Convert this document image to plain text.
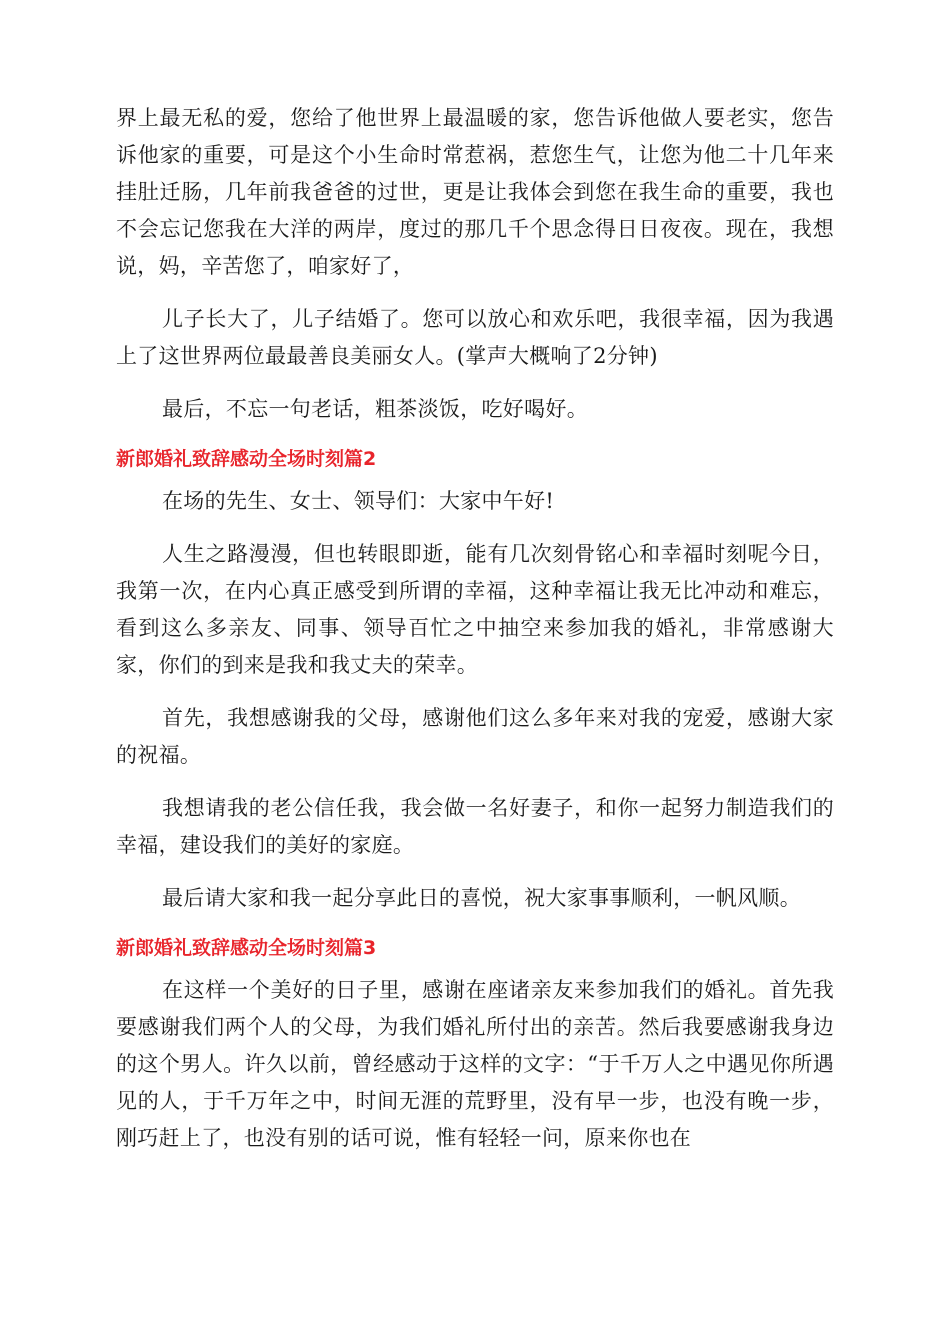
界上最无私的爱，您给了他世界上最温暖的家，您告诉他做人要老实，您告诉他家的重要，可是这个小生命时常惹祸，惹您生气，让您为他二十几年来挂肚迁肠，几年前我爸爸的过世，更是让我体会到您在我生命的重要，我也不会忘记您我在大洋的两岸，度过的那几千个思念得日日夜夜。现在，我想说，妈，辛苦您了，咱家好了，

儿子长大了，儿子结婚了。您可以放心和欢乐吧，我很幸福，因为我遇上了这世界两位最最善良美丽女人。(掌声大概响了2分钟)

最后，不忘一句老话，粗茶淡饭，吃好喝好。

新郎婚礼致辞感动全场时刻篇2

在场的先生、女士、领导们：大家中午好!

人生之路漫漫，但也转眼即逝，能有几次刻骨铭心和幸福时刻呢今日，我第一次，在内心真正感受到所谓的幸福，这种幸福让我无比冲动和难忘，看到这么多亲友、同事、领导百忙之中抽空来参加我的婚礼，非常感谢大家，你们的到来是我和我丈夫的荣幸。

首先，我想感谢我的父母，感谢他们这么多年来对我的宠爱，感谢大家的祝福。

我想请我的老公信任我，我会做一名好妻子，和你一起努力制造我们的幸福，建设我们的美好的家庭。

最后请大家和我一起分享此日的喜悦，祝大家事事顺利，一帆风顺。

新郎婚礼致辞感动全场时刻篇3

在这样一个美好的日子里，感谢在座诸亲友来参加我们的婚礼。首先我要感谢我们两个人的父母，为我们婚礼所付出的亲苦。然后我要感谢我身边的这个男人。许久以前，曾经感动于这样的文字：“于千万人之中遇见你所遇见的人，于千万年之中，时间无涯的荒野里，没有早一步，也没有晚一步，刚巧赶上了，也没有别的话可说，惟有轻轻一问，原来你也在
